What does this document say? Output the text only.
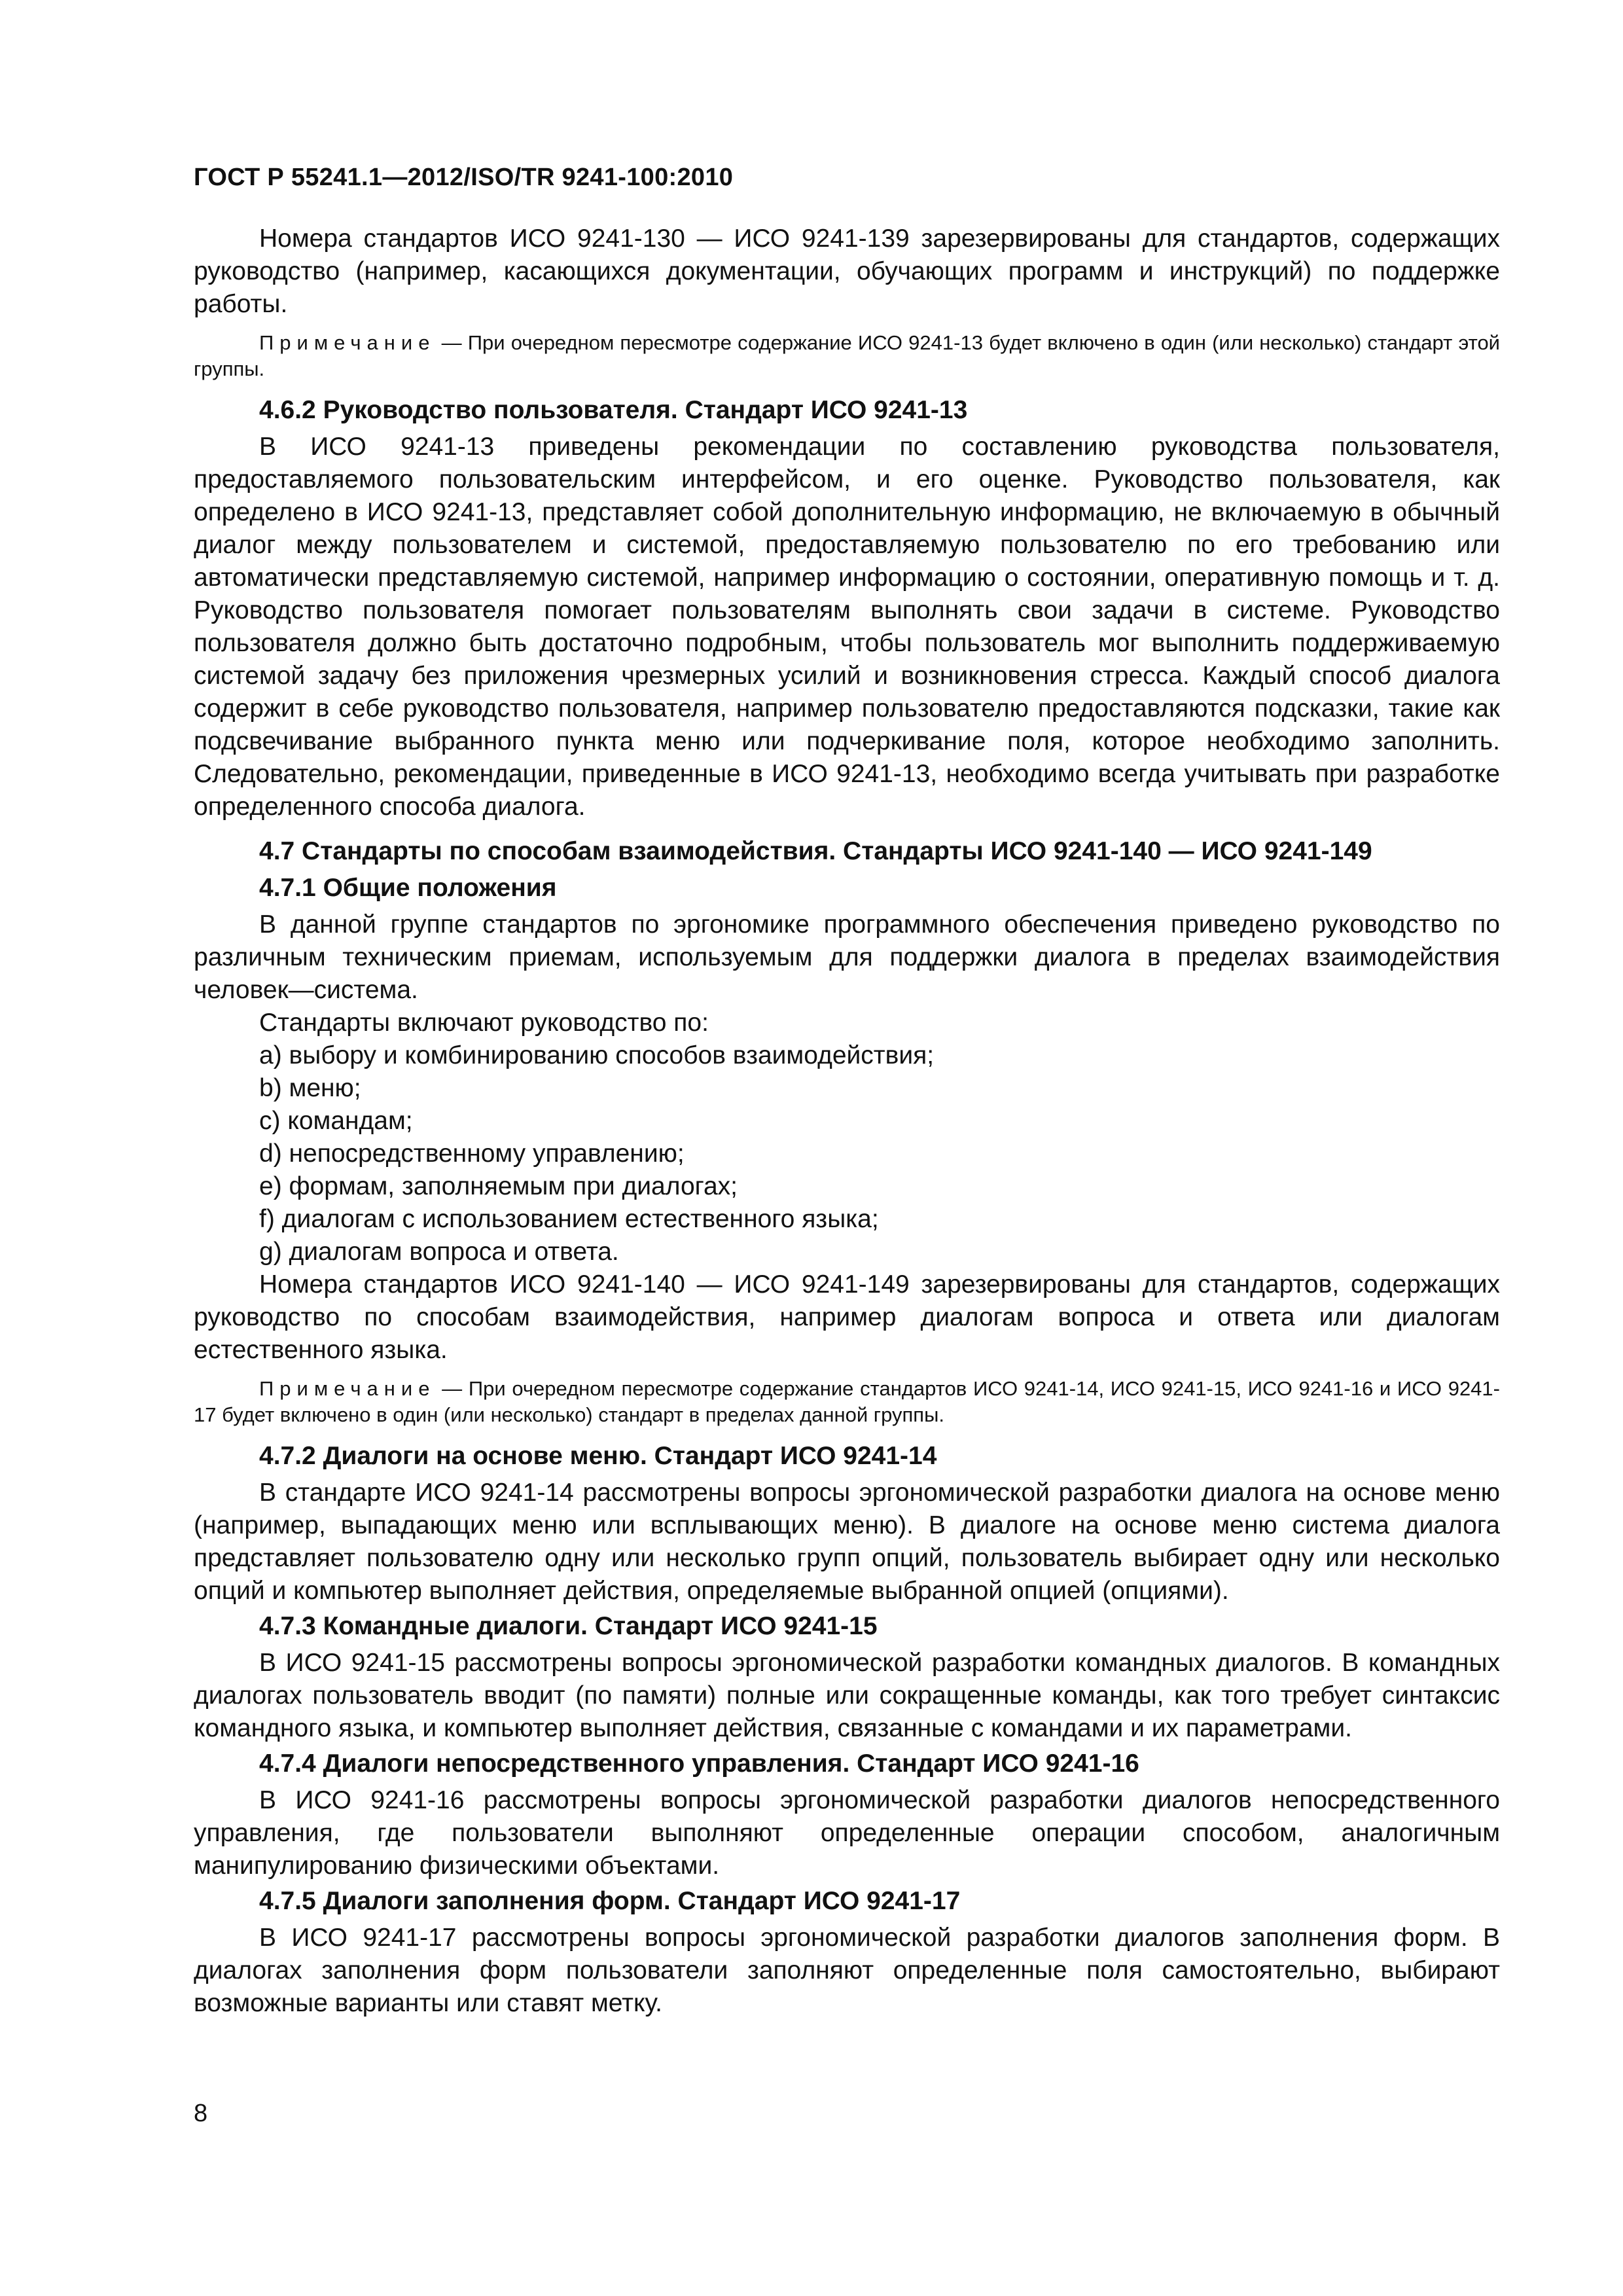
ГОСТ Р 55241.1—2012/ISO/TR 9241-100:2010

Номера стандартов ИСО 9241-130 — ИСО 9241-139 зарезервированы для стандартов, содержащих руководство (например, касающихся документации, обучающих программ и инструкций) по поддержке работы.

Примечание — При очередном пересмотре содержание ИСО 9241-13 будет включено в один (или несколько) стандарт этой группы.

4.6.2 Руководство пользователя. Стандарт ИСО 9241-13

В ИСО 9241-13 приведены рекомендации по составлению руководства пользователя, предоставляемого пользовательским интерфейсом, и его оценке. Руководство пользователя, как определено в ИСО 9241-13, представляет собой дополнительную информацию, не включаемую в обычный диалог между пользователем и системой, предоставляемую пользователю по его требованию или автоматически представляемую системой, например информацию о состоянии, оперативную помощь и т. д. Руководство пользователя помогает пользователям выполнять свои задачи в системе. Руководство пользователя должно быть достаточно подробным, чтобы пользователь мог выполнить поддерживаемую системой задачу без приложения чрезмерных усилий и возникновения стресса. Каждый способ диалога содержит в себе руководство пользователя, например пользователю предоставляются подсказки, такие как подсвечивание выбранного пункта меню или подчеркивание поля, которое необходимо заполнить. Следовательно, рекомендации, приведенные в ИСО 9241-13, необходимо всегда учитывать при разработке определенного способа диалога.

4.7 Стандарты по способам взаимодействия. Стандарты ИСО 9241-140 — ИСО 9241-149
4.7.1 Общие положения

В данной группе стандартов по эргономике программного обеспечения приведено руководство по различным техническим приемам, используемым для поддержки диалога в пределах взаимодействия человек—система.

Стандарты включают руководство по:

a) выбору и комбинированию способов взаимодействия;
b) меню;
c) командам;
d) непосредственному управлению;
e) формам, заполняемым при диалогах;
f) диалогам с использованием естественного языка;
g) диалогам вопроса и ответа.

Номера стандартов ИСО 9241-140 — ИСО 9241-149 зарезервированы для стандартов, содержащих руководство по способам взаимодействия, например диалогам вопроса и ответа или диалогам естественного языка.

Примечание — При очередном пересмотре содержание стандартов ИСО 9241-14, ИСО 9241-15, ИСО 9241-16 и ИСО 9241-17 будет включено в один (или несколько) стандарт в пределах данной группы.

4.7.2 Диалоги на основе меню. Стандарт ИСО 9241-14

В стандарте ИСО 9241-14 рассмотрены вопросы эргономической разработки диалога на основе меню (например, выпадающих меню или всплывающих меню). В диалоге на основе меню система диалога представляет пользователю одну или несколько групп опций, пользователь выбирает одну или несколько опций и компьютер выполняет действия, определяемые выбранной опцией (опциями).

4.7.3 Командные диалоги. Стандарт ИСО 9241-15

В ИСО 9241-15 рассмотрены вопросы эргономической разработки командных диалогов. В командных диалогах пользователь вводит (по памяти) полные или сокращенные команды, как того требует синтаксис командного языка, и компьютер выполняет действия, связанные с командами и их параметрами.

4.7.4 Диалоги непосредственного управления. Стандарт ИСО 9241-16

В ИСО 9241-16 рассмотрены вопросы эргономической разработки диалогов непосредственного управления, где пользователи выполняют определенные операции способом, аналогичным манипулированию физическими объектами.

4.7.5 Диалоги заполнения форм. Стандарт ИСО 9241-17

В ИСО 9241-17 рассмотрены вопросы эргономической разработки диалогов заполнения форм. В диалогах заполнения форм пользователи заполняют определенные поля самостоятельно, выбирают возможные варианты или ставят метку.

8
